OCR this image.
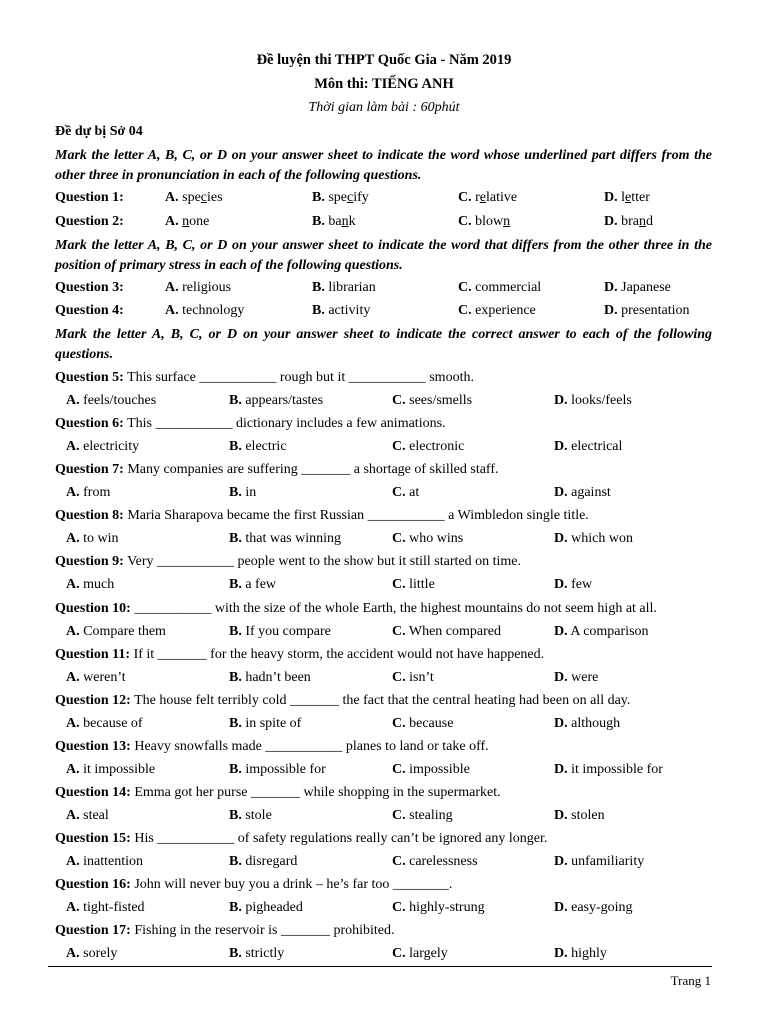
Đề luyện thi THPT Quốc Gia - Năm 2019
Môn thi: TIẾNG ANH
Thời gian làm bài : 60phút
Đề dự bị Sở 04
Mark the letter A, B, C, or D on your answer sheet to indicate the word whose underlined part differs from the other three in pronunciation in each of the following questions.
Question 1:	A. species	B. specify	C. relative	D. letter
Question 2:	A. none	B. bank	C. blown	D. brand
Mark the letter A, B, C, or D on your answer sheet to indicate the word that differs from the other three in the position of primary stress in each of the following questions.
Question 3:	A. religious	B. librarian	C. commercial	D. Japanese
Question 4:	A. technology	B. activity	C. experience	D. presentation
Mark the letter A, B, C, or D on your answer sheet to indicate the correct answer to each of the following questions.
Question 5: This surface ___________ rough but it ___________ smooth.
A. feels/touches	B. appears/tastes	C. sees/smells	D. looks/feels
Question 6: This ___________ dictionary includes a few animations.
A. electricity	B. electric	C. electronic	D. electrical
Question 7: Many companies are suffering _______ a shortage of skilled staff.
A. from	B. in	C. at	D. against
Question 8: Maria Sharapova became the first Russian ___________ a Wimbledon single title.
A. to win	B. that was winning	C. who wins	D. which won
Question 9: Very ___________ people went to the show but it still started on time.
A. much	B. a few	C. little	D. few
Question 10: ___________ with the size of the whole Earth, the highest mountains do not seem high at all.
A. Compare them	B. If you compare	C. When compared	D. A comparison
Question 11: If it _______ for the heavy storm, the accident would not have happened.
A. weren’t	B. hadn’t been	C. isn’t	D. were
Question 12: The house felt terribly cold _______ the fact that the central heating had been on all day.
A. because of	B. in spite of	C. because	D. although
Question 13: Heavy snowfalls made ___________ planes to land or take off.
A. it impossible	B. impossible for	C. impossible	D. it impossible for
Question 14: Emma got her purse _______ while shopping in the supermarket.
A. steal	B. stole	C. stealing	D. stolen
Question 15: His ___________ of safety regulations really can’t be ignored any longer.
A. inattention	B. disregard	C. carelessness	D. unfamiliarity
Question 16: John will never buy you a drink – he’s far too ________.
A. tight-fisted	B. pigheaded	C. highly-strung	D. easy-going
Question 17: Fishing in the reservoir is _______ prohibited.
A. sorely	B. strictly	C. largely	D. highly
Trang 1
